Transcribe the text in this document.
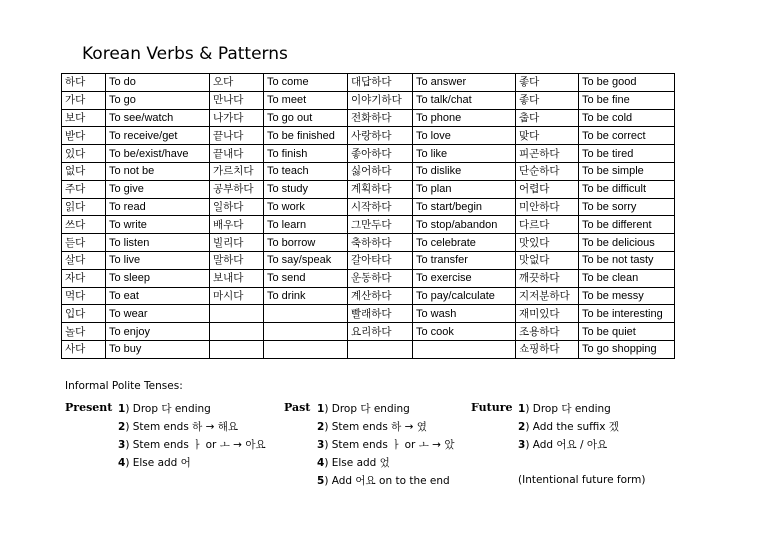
Korean Verbs & Patterns
하다	To do	오다	To come	대답하다	To answer	좋다	To be good
가다	To go	만나다	To meet	이야기하다	To talk/chat	좋다	To be fine
보다	To see/watch	나가다	To go out	전화하다	To phone	춥다	To be cold
받다	To receive/get	끝나다	To be finished	사랑하다	To love	맞다	To be correct
있다	To be/exist/have	끝내다	To finish	좋아하다	To like	피곤하다	To be tired
없다	To not be	가르치다	To teach	싫어하다	To dislike	단순하다	To be simple
주다	To give	공부하다	To study	계획하다	To plan	어렵다	To be difficult
읽다	To read	일하다	To work	시작하다	To start/begin	미안하다	To be sorry
쓰다	To write	배우다	To learn	그만두다	To stop/abandon	다르다	To be different
듣다	To listen	빌리다	To borrow	축하하다	To celebrate	맛있다	To be delicious
살다	To live	말하다	To say/speak	갈아타다	To transfer	맛없다	To be not tasty
자다	To sleep	보내다	To send	운동하다	To exercise	깨끗하다	To be clean
먹다	To eat	마시다	To drink	계산하다	To pay/calculate	지저분하다	To be messy
입다	To wear			빨래하다	To wash	재미있다	To be interesting
놀다	To enjoy			요리하다	To cook	조용하다	To be quiet
사다	To buy					쇼핑하다	To go shopping
Informal Polite Tenses:
Present 1) Drop 다 ending
2) Stem ends 하 → 해요
3) Stem ends ㅏ or ㅗ → 아요
4) Else add 어
Past 1) Drop 다 ending
2) Stem ends 하 → 였
3) Stem ends ㅏ or ㅗ → 았
4) Else add 었
5) Add 어요 on to the end
Future 1) Drop 다 ending
2) Add the suffix 겠
3) Add 어요 / 아요
(Intentional future form)
